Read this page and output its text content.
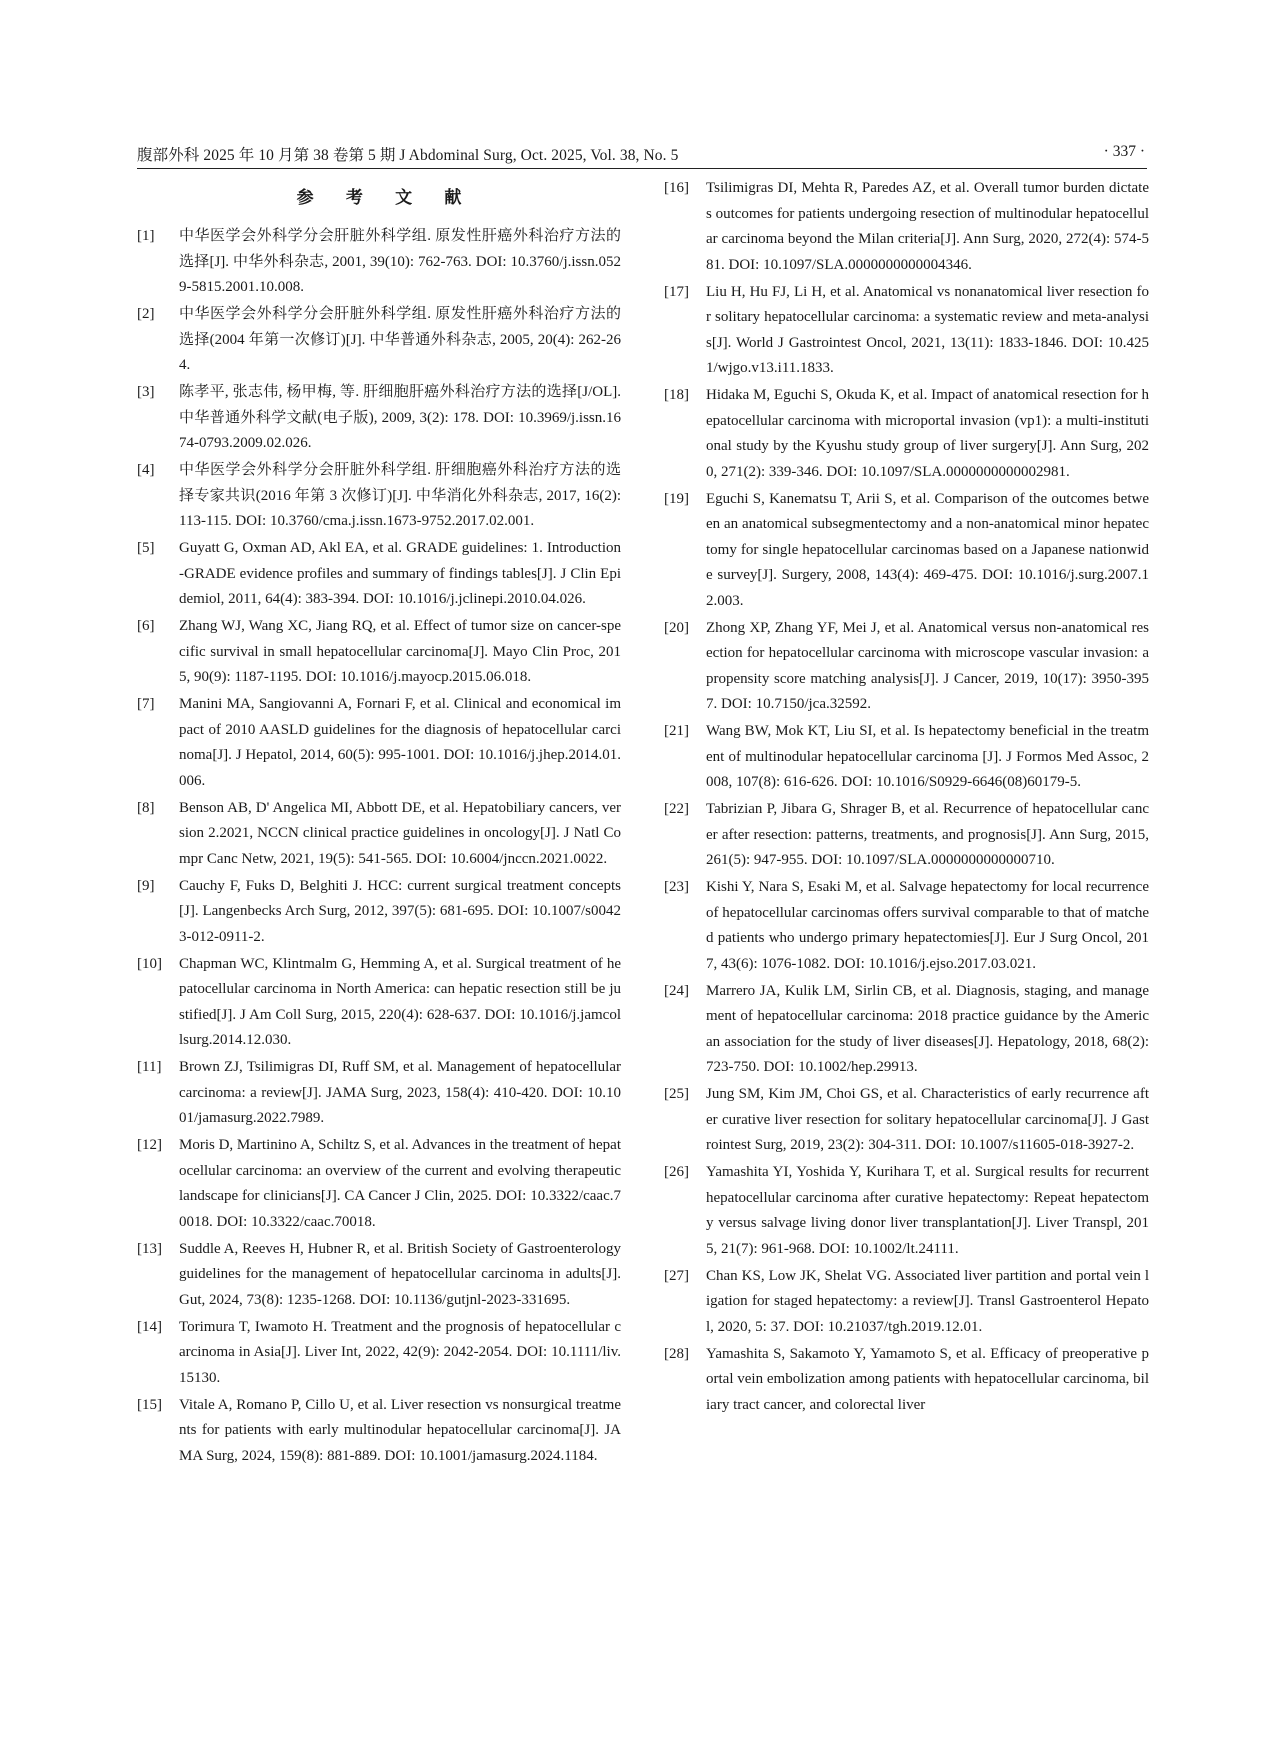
腹部外科 2025 年 10 月第 38 卷第 5 期 J Abdominal Surg, Oct. 2025, Vol. 38, No. 5	· 337 ·
参 考 文 献
[1]	中华医学会外科学分会肝脏外科学组. 原发性肝癌外科治疗方法的选择[J]. 中华外科杂志, 2001, 39(10): 762-763. DOI: 10.3760/j.issn.0529-5815.2001.10.008.
[2]	中华医学会外科学分会肝脏外科学组. 原发性肝癌外科治疗方法的选择(2004 年第一次修订)[J]. 中华普通外科杂志, 2005, 20(4): 262-264.
[3]	陈孝平, 张志伟, 杨甲梅, 等. 肝细胞肝癌外科治疗方法的选择[J/OL]. 中华普通外科学文献(电子版), 2009, 3(2): 178. DOI: 10.3969/j.issn.1674-0793.2009.02.026.
[4]	中华医学会外科学分会肝脏外科学组. 肝细胞癌外科治疗方法的选择专家共识(2016 年第 3 次修订)[J]. 中华消化外科杂志, 2017, 16(2): 113-115. DOI: 10.3760/cma.j.issn.1673-9752.2017.02.001.
[5]	Guyatt G, Oxman AD, Akl EA, et al. GRADE guidelines: 1. Introduction-GRADE evidence profiles and summary of findings tables[J]. J Clin Epidemiol, 2011, 64(4): 383-394. DOI: 10.1016/j.jclinepi.2010.04.026.
[6]	Zhang WJ, Wang XC, Jiang RQ, et al. Effect of tumor size on cancer-specific survival in small hepatocellular carcinoma[J]. Mayo Clin Proc, 2015, 90(9): 1187-1195. DOI: 10.1016/j.mayocp.2015.06.018.
[7]	Manini MA, Sangiovanni A, Fornari F, et al. Clinical and economical impact of 2010 AASLD guidelines for the diagnosis of hepatocellular carcinoma[J]. J Hepatol, 2014, 60(5): 995-1001. DOI: 10.1016/j.jhep.2014.01.006.
[8]	Benson AB, D' Angelica MI, Abbott DE, et al. Hepatobiliary cancers, version 2.2021, NCCN clinical practice guidelines in oncology[J]. J Natl Compr Canc Netw, 2021, 19(5): 541-565. DOI: 10.6004/jnccn.2021.0022.
[9]	Cauchy F, Fuks D, Belghiti J. HCC: current surgical treatment concepts[J]. Langenbecks Arch Surg, 2012, 397(5): 681-695. DOI: 10.1007/s00423-012-0911-2.
[10]	Chapman WC, Klintmalm G, Hemming A, et al. Surgical treatment of hepatocellular carcinoma in North America: can hepatic resection still be justified[J]. J Am Coll Surg, 2015, 220(4): 628-637. DOI: 10.1016/j.jamcollsurg.2014.12.030.
[11]	Brown ZJ, Tsilimigras DI, Ruff SM, et al. Management of hepatocellular carcinoma: a review[J]. JAMA Surg, 2023, 158(4): 410-420. DOI: 10.1001/jamasurg.2022.7989.
[12]	Moris D, Martinino A, Schiltz S, et al. Advances in the treatment of hepatocellular carcinoma: an overview of the current and evolving therapeutic landscape for clinicians[J]. CA Cancer J Clin, 2025. DOI: 10.3322/caac.70018. DOI: 10.3322/caac.70018.
[13]	Suddle A, Reeves H, Hubner R, et al. British Society of Gastroenterology guidelines for the management of hepatocellular carcinoma in adults[J]. Gut, 2024, 73(8): 1235-1268. DOI: 10.1136/gutjnl-2023-331695.
[14]	Torimura T, Iwamoto H. Treatment and the prognosis of hepatocellular carcinoma in Asia[J]. Liver Int, 2022, 42(9): 2042-2054. DOI: 10.1111/liv.15130.
[15]	Vitale A, Romano P, Cillo U, et al. Liver resection vs nonsurgical treatments for patients with early multinodular hepatocellular carcinoma[J]. JAMA Surg, 2024, 159(8): 881-889. DOI: 10.1001/jamasurg.2024.1184.
[16]	Tsilimigras DI, Mehta R, Paredes AZ, et al. Overall tumor burden dictates outcomes for patients undergoing resection of multinodular hepatocellular carcinoma beyond the Milan criteria[J]. Ann Surg, 2020, 272(4): 574-581. DOI: 10.1097/SLA.0000000000004346.
[17]	Liu H, Hu FJ, Li H, et al. Anatomical vs nonanatomical liver resection for solitary hepatocellular carcinoma: a systematic review and meta-analysis[J]. World J Gastrointest Oncol, 2021, 13(11): 1833-1846. DOI: 10.4251/wjgo.v13.i11.1833.
[18]	Hidaka M, Eguchi S, Okuda K, et al. Impact of anatomical resection for hepatocellular carcinoma with microportal invasion (vp1): a multi-institutional study by the Kyushu study group of liver surgery[J]. Ann Surg, 2020, 271(2): 339-346. DOI: 10.1097/SLA.0000000000002981.
[19]	Eguchi S, Kanematsu T, Arii S, et al. Comparison of the outcomes between an anatomical subsegmentectomy and a non-anatomical minor hepatectomy for single hepatocellular carcinomas based on a Japanese nationwide survey[J]. Surgery, 2008, 143(4): 469-475. DOI: 10.1016/j.surg.2007.12.003.
[20]	Zhong XP, Zhang YF, Mei J, et al. Anatomical versus non-anatomical resection for hepatocellular carcinoma with microscope vascular invasion: a propensity score matching analysis[J]. J Cancer, 2019, 10(17): 3950-3957. DOI: 10.7150/jca.32592.
[21]	Wang BW, Mok KT, Liu SI, et al. Is hepatectomy beneficial in the treatment of multinodular hepatocellular carcinoma [J]. J Formos Med Assoc, 2008, 107(8): 616-626. DOI: 10.1016/S0929-6646(08)60179-5.
[22]	Tabrizian P, Jibara G, Shrager B, et al. Recurrence of hepatocellular cancer after resection: patterns, treatments, and prognosis[J]. Ann Surg, 2015, 261(5): 947-955. DOI: 10.1097/SLA.0000000000000710.
[23]	Kishi Y, Nara S, Esaki M, et al. Salvage hepatectomy for local recurrence of hepatocellular carcinomas offers survival comparable to that of matched patients who undergo primary hepatectomies[J]. Eur J Surg Oncol, 2017, 43(6): 1076-1082. DOI: 10.1016/j.ejso.2017.03.021.
[24]	Marrero JA, Kulik LM, Sirlin CB, et al. Diagnosis, staging, and management of hepatocellular carcinoma: 2018 practice guidance by the American association for the study of liver diseases[J]. Hepatology, 2018, 68(2): 723-750. DOI: 10.1002/hep.29913.
[25]	Jung SM, Kim JM, Choi GS, et al. Characteristics of early recurrence after curative liver resection for solitary hepatocellular carcinoma[J]. J Gastrointest Surg, 2019, 23(2): 304-311. DOI: 10.1007/s11605-018-3927-2.
[26]	Yamashita YI, Yoshida Y, Kurihara T, et al. Surgical results for recurrent hepatocellular carcinoma after curative hepatectomy: Repeat hepatectomy versus salvage living donor liver transplantation[J]. Liver Transpl, 2015, 21(7): 961-968. DOI: 10.1002/lt.24111.
[27]	Chan KS, Low JK, Shelat VG. Associated liver partition and portal vein ligation for staged hepatectomy: a review[J]. Transl Gastroenterol Hepatol, 2020, 5: 37. DOI: 10.21037/tgh.2019.12.01.
[28]	Yamashita S, Sakamoto Y, Yamamoto S, et al. Efficacy of preoperative portal vein embolization among patients with hepatocellular carcinoma, biliary tract cancer, and colorectal liver
